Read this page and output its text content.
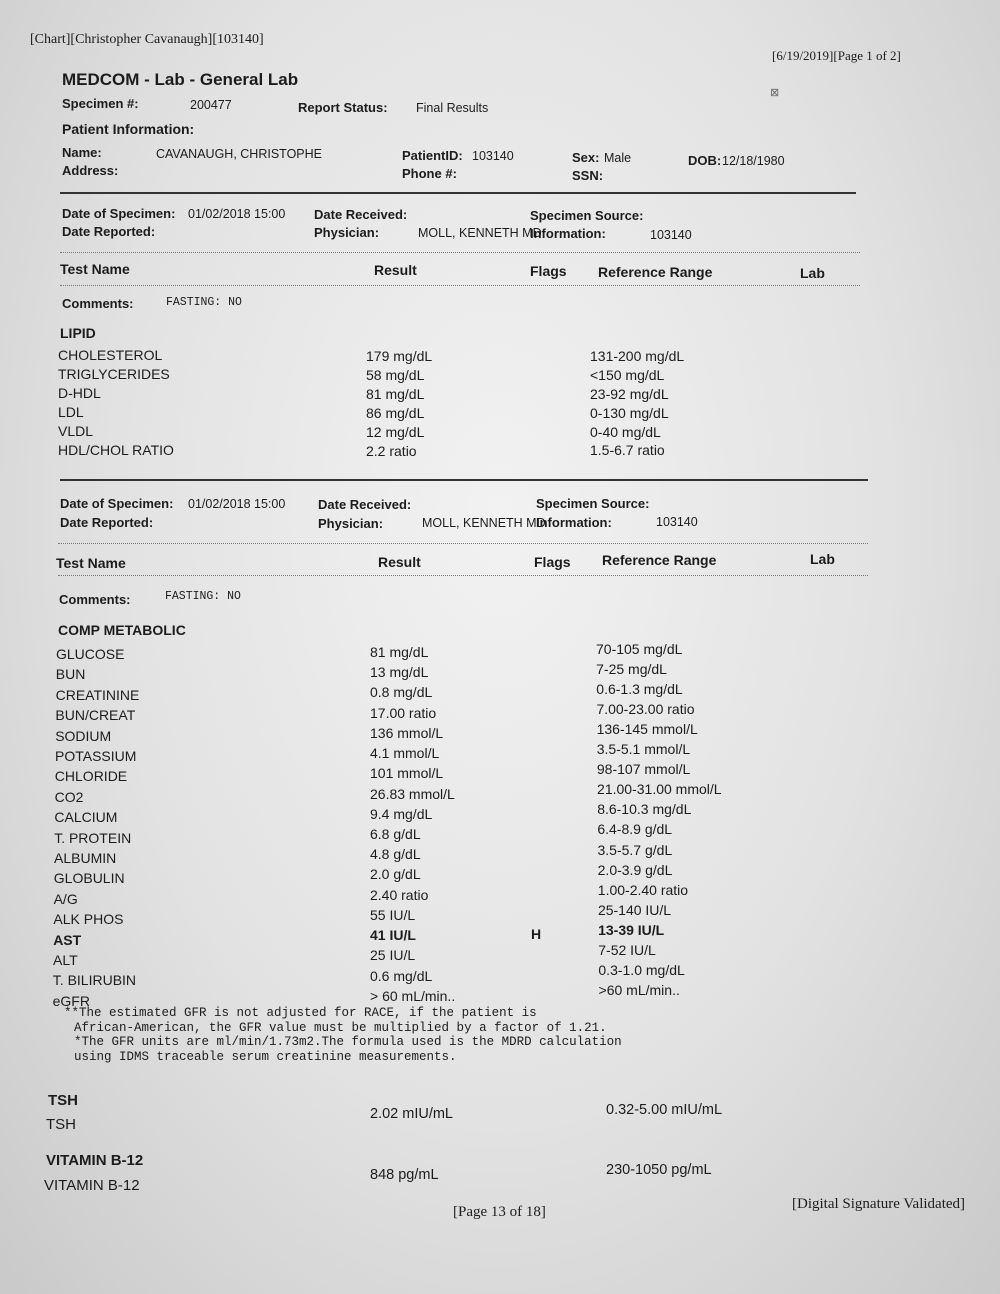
[Chart][Christopher Cavanaugh][103140]
[6/19/2019][Page 1 of 2]
⊠
MEDCOM - Lab - General Lab
Specimen #:	200477	Report Status: Final Results
Patient Information:
Name:	CAVANAUGH, CHRISTOPHE	PatientID: 103140	Sex: Male	DOB: 12/18/1980
Address:	Phone #:	SSN:
Date of Specimen: 01/02/2018 15:00 Date Received:	Specimen Source:
Date Reported:	Physician:	MOLL, KENNETH MD
Information:	103140
Test Name	Result	Flags Reference Range	Lab
Comments:	FASTING: NO
LIPID
CHOLESTEROL	179 mg/dL	131-200 mg/dL
TRIGLYCERIDES	58 mg/dL	<150 mg/dL
D-HDL	81 mg/dL	23-92 mg/dL
LDL	86 mg/dL	0-130 mg/dL
VLDL	12 mg/dL	0-40 mg/dL
HDL/CHOL RATIO	2.2 ratio	1.5-6.7 ratio
Date of Specimen: 01/02/2018 15:00	Date Received:	Specimen Source:
Date Reported:	Physician:	MOLL, KENNETH MD
Information:	103140
Test Name	Result	Flags Reference Range	Lab
Comments:	FASTING: NO
COMP METABOLIC
GLUCOSE	81 mg/dL	70-105 mg/dL
BUN	13 mg/dL	7-25 mg/dL
CREATININE	0.8 mg/dL	0.6-1.3 mg/dL
BUN/CREAT	17.00 ratio	7.00-23.00 ratio
SODIUM	136 mmol/L	136-145 mmol/L
POTASSIUM	4.1 mmol/L	3.5-5.1 mmol/L
CHLORIDE	101 mmol/L	98-107 mmol/L
CO2	26.83 mmol/L	21.00-31.00 mmol/L
CALCIUM	9.4 mg/dL	8.6-10.3 mg/dL
T. PROTEIN	6.8 g/dL	6.4-8.9 g/dL
ALBUMIN	4.8 g/dL	3.5-5.7 g/dL
GLOBULIN	2.0 g/dL	2.0-3.9 g/dL
A/G	2.40 ratio	1.00-2.40 ratio
ALK PHOS	55 IU/L	25-140 IU/L
AST	41 IU/L	H	13-39 IU/L
ALT	25 IU/L	7-52 IU/L
T. BILIRUBIN	0.6 mg/dL	0.3-1.0 mg/dL
eGFR	> 60 mL/min..	>60 mL/min..
**The estimated GFR is not adjusted for RACE, if the patient is
African-American, the GFR value must be multiplied by a factor of 1.21.
*The GFR units are ml/min/1.73m2.The formula used is the MDRD calculation
using IDMS traceable serum creatinine measurements.
TSH
TSH
2.02 mIU/mL	0.32-5.00 mIU/mL
VITAMIN B-12
VITAMIN B-12
848 pg/mL	230-1050 pg/mL
[Page 13 of 18]	[Digital Signature Validated]
